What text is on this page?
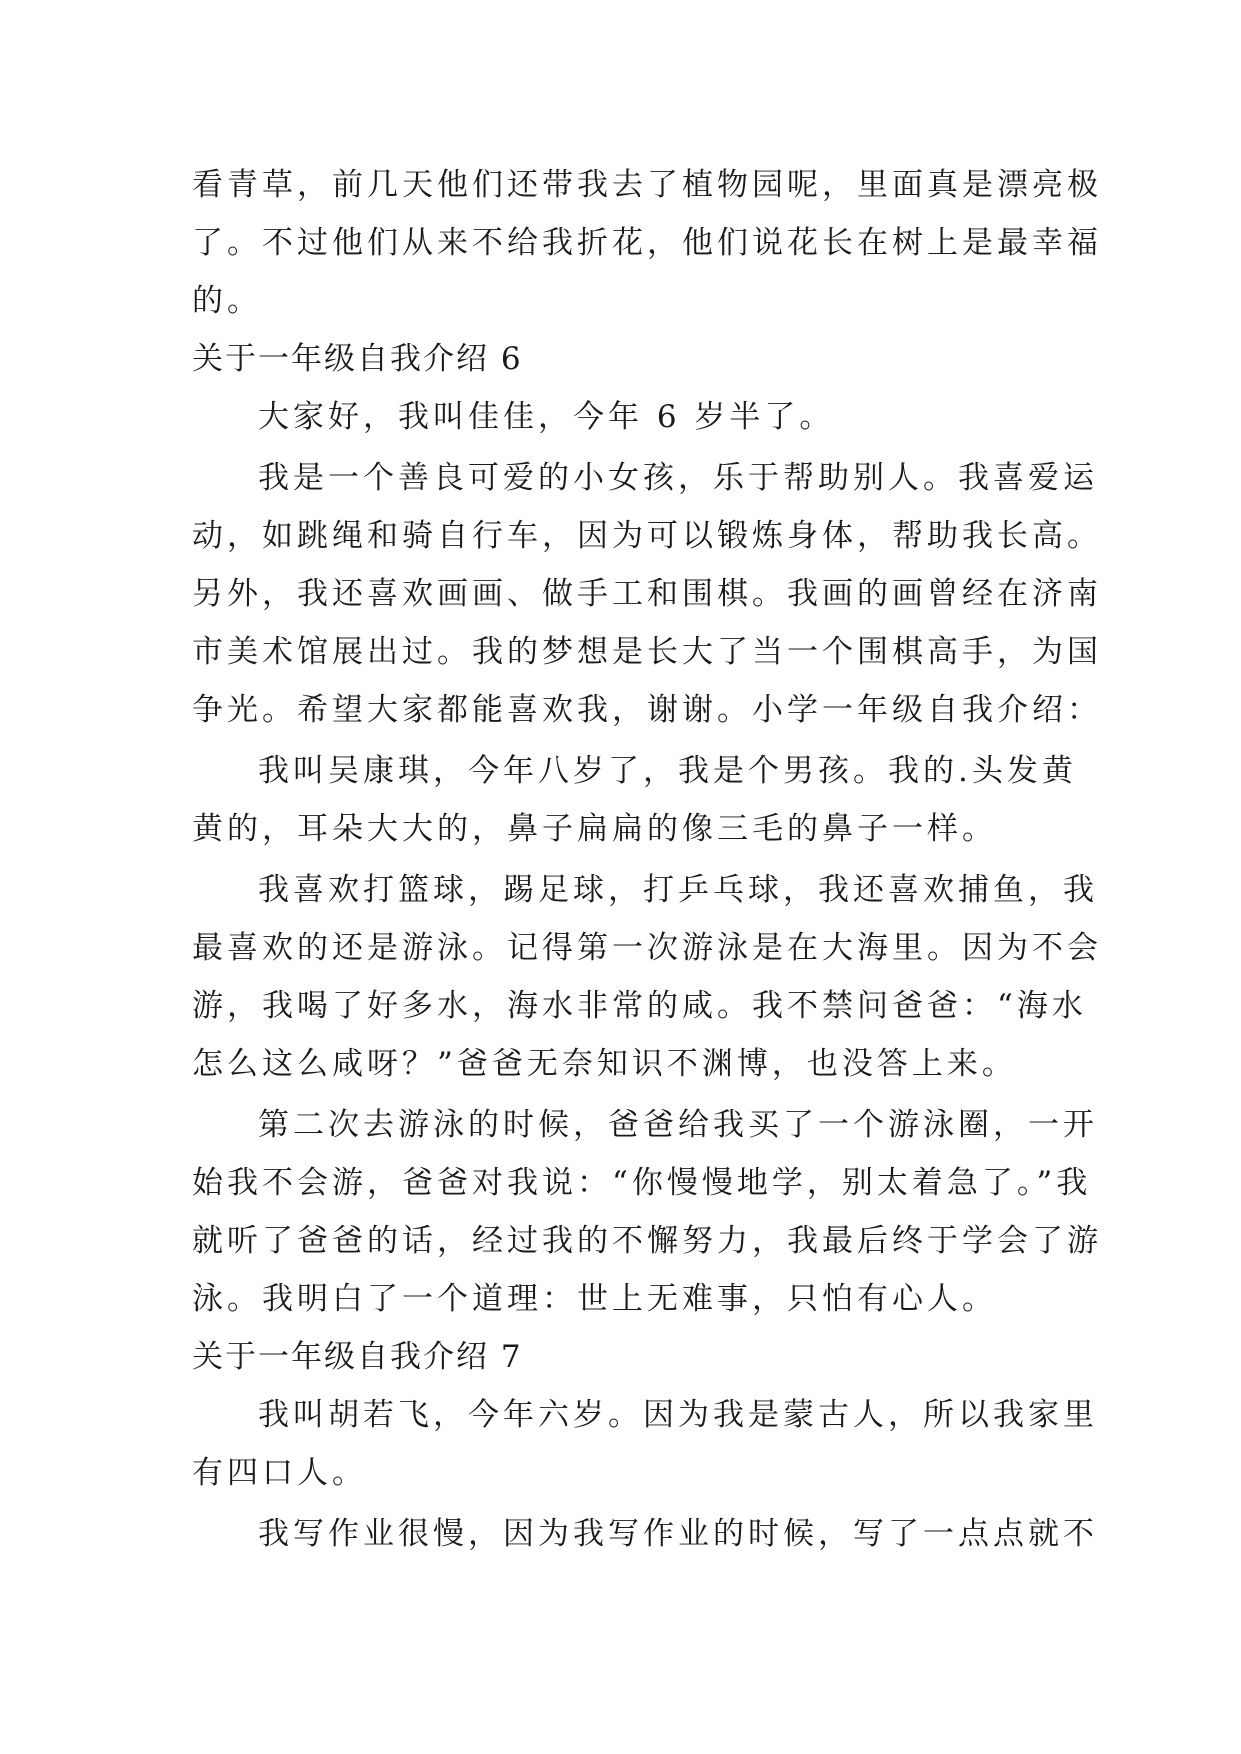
看青草，前几天他们还带我去了植物园呢，里面真是漂亮极
了。不过他们从来不给我折花，他们说花长在树上是最幸福
的。
关于一年级自我介绍 6
大家好，我叫佳佳，今年 6 岁半了。
我是一个善良可爱的小女孩，乐于帮助别人。我喜爱运
动，如跳绳和骑自行车，因为可以锻炼身体，帮助我长高。
另外，我还喜欢画画、做手工和围棋。我画的画曾经在济南
市美术馆展出过。我的梦想是长大了当一个围棋高手，为国
争光。希望大家都能喜欢我，谢谢。小学一年级自我介绍：
我叫吴康琪，今年八岁了，我是个男孩。我的.头发黄
黄的，耳朵大大的，鼻子扁扁的像三毛的鼻子一样。
我喜欢打篮球，踢足球，打乒乓球，我还喜欢捕鱼，我
最喜欢的还是游泳。记得第一次游泳是在大海里。因为不会
游，我喝了好多水，海水非常的咸。我不禁问爸爸：“海水
怎么这么咸呀？”爸爸无奈知识不渊博，也没答上来。
第二次去游泳的时候，爸爸给我买了一个游泳圈，一开
始我不会游，爸爸对我说：“你慢慢地学，别太着急了。”我
就听了爸爸的话，经过我的不懈努力，我最后终于学会了游
泳。我明白了一个道理：世上无难事，只怕有心人。
关于一年级自我介绍 7
我叫胡若飞，今年六岁。因为我是蒙古人，所以我家里
有四口人。
我写作业很慢，因为我写作业的时候，写了一点点就不
